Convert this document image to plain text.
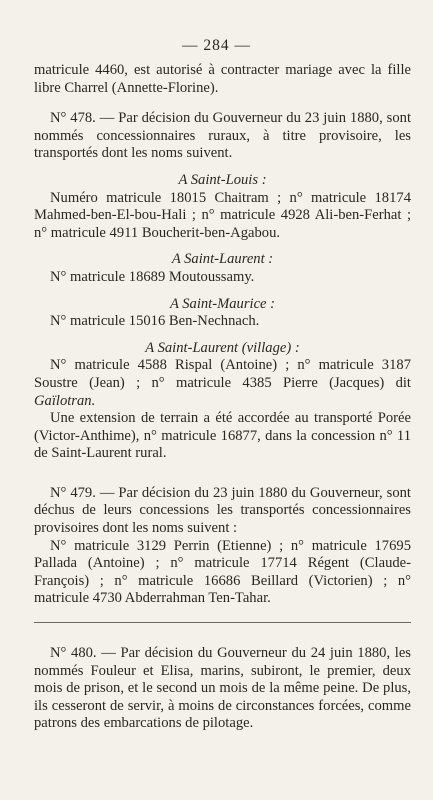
— 284 —

matricule 4460, est autorisé à contracter mariage avec la fille libre Charrel (Annette-Florine).

N° 478. — Par décision du Gouverneur du 23 juin 1880, sont nommés concessionnaires ruraux, à titre provisoire, les transportés dont les noms suivent.

A Saint-Louis :

Numéro matricule 18015 Chaitram ; n° matricule 18174 Mahmed-ben-El-bou-Hali ; n° matricule 4928 Ali-ben-Ferhat ; n° matricule 4911 Boucherit-ben-Agabou.

A Saint-Laurent :

N° matricule 18689 Moutoussamy.

A Saint-Maurice :

N° matricule 15016 Ben-Nechnach.

A Saint-Laurent (village) :

N° matricule 4588 Rispal (Antoine) ; n° matricule 3187 Soustre (Jean) ; n° matricule 4385 Pierre (Jacques) dit Gaïlotran.

Une extension de terrain a été accordée au transporté Porée (Victor-Anthime), n° matricule 16877, dans la concession n° 11 de Saint-Laurent rural.

N° 479. — Par décision du 23 juin 1880 du Gouverneur, sont déchus de leurs concessions les transportés concessionnaires provisoires dont les noms suivent :

N° matricule 3129 Perrin (Etienne) ; n° matricule 17695 Pallada (Antoine) ; n° matricule 17714 Régent (Claude-François) ; n° matricule 16686 Beillard (Victorien) ; n° matricule 4730 Abderrahman Ten-Tahar.

N° 480. — Par décision du Gouverneur du 24 juin 1880, les nommés Fouleur et Elisa, marins, subiront, le premier, deux mois de prison, et le second un mois de la même peine. De plus, ils cesseront de servir, à moins de circonstances forcées, comme patrons des embarcations de pilotage.
